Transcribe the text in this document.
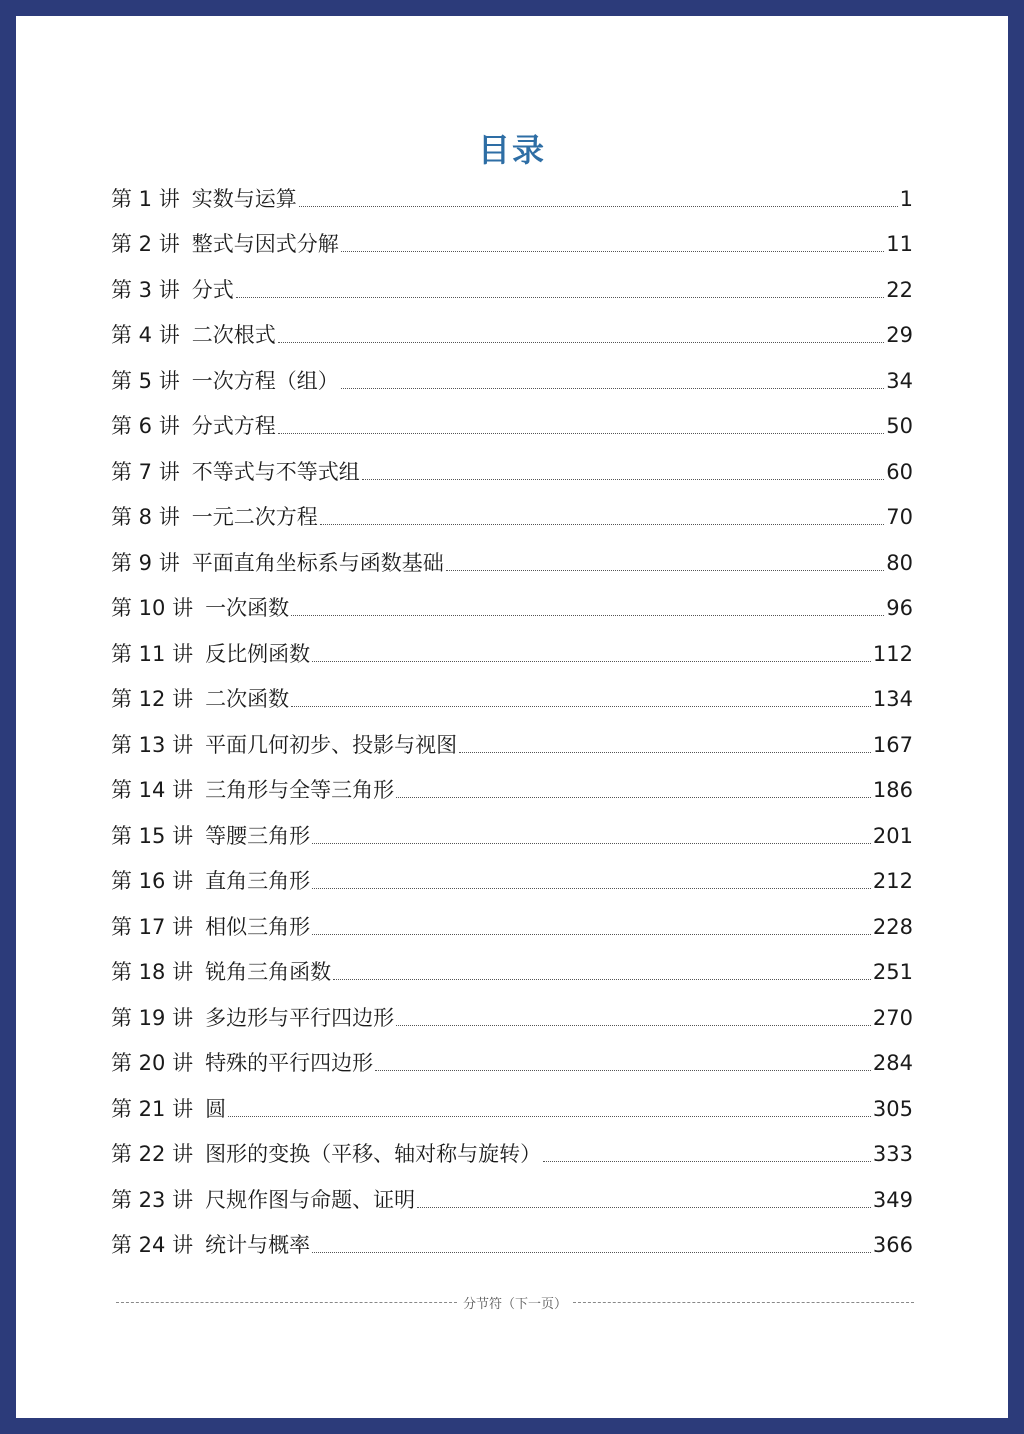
目录
第 1 讲 实数与运算	1
第 2 讲 整式与因式分解	11
第 3 讲 分式	22
第 4 讲 二次根式	29
第 5 讲 一次方程（组）	34
第 6 讲 分式方程	50
第 7 讲 不等式与不等式组	60
第 8 讲 一元二次方程	70
第 9 讲 平面直角坐标系与函数基础	80
第 10 讲 一次函数	96
第 11 讲 反比例函数	112
第 12 讲 二次函数	134
第 13 讲 平面几何初步、投影与视图	167
第 14 讲 三角形与全等三角形	186
第 15 讲 等腰三角形	201
第 16 讲 直角三角形	212
第 17 讲 相似三角形	228
第 18 讲 锐角三角函数	251
第 19 讲 多边形与平行四边形	270
第 20 讲 特殊的平行四边形	284
第 21 讲 圆	305
第 22 讲 图形的变换（平移、轴对称与旋转）	333
第 23 讲 尺规作图与命题、证明	349
第 24 讲 统计与概率	366
分节符（下一页）
